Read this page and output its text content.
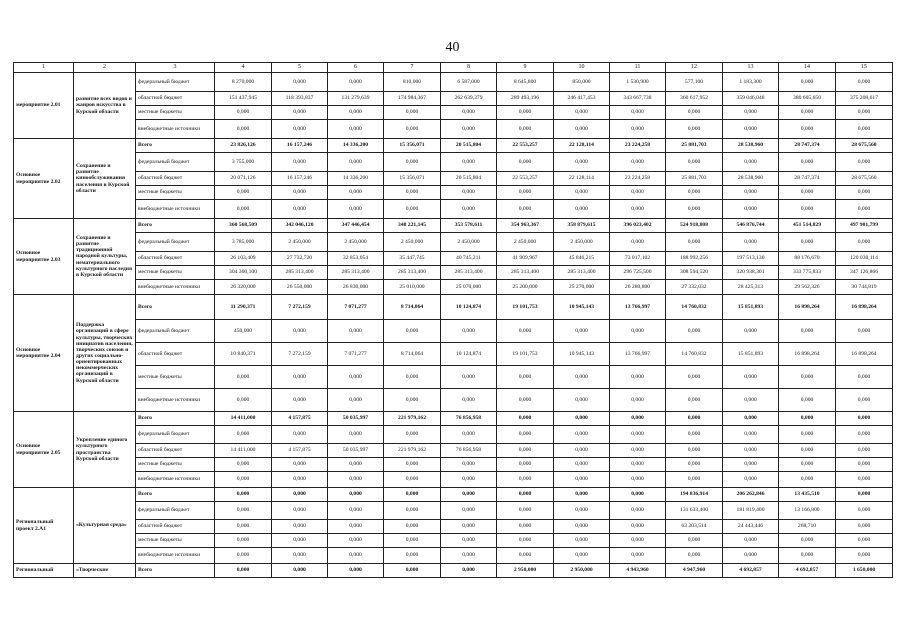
40
1	2	3	4	5	6	7	8	9	10	11	12	13	14	15
мероприятие 2.01	развитие всех видов и жанров искусства в Курской области	федеральный бюджет	8 270,000	0,000	0,000	810,000	6 587,000	8 645,800	850,000	1 530,900	577,100	1 183,300	0,000	0,000
		областной бюджет	151 437,945	118 393,837	131 279,639	174 984,367	262 639,379	289 493,196	246 417,453	343 667,738	360 617,952	359 046,048	380 605,650	375 208,617
		местные бюджеты	0,000	0,000	0,000	0,000	0,000	0,000	0,000	0,000	0,000	0,000	0,000	0,000
		внебюджетные источники	0,000	0,000	0,000	0,000	0,000	0,000	0,000	0,000	0,000	0,000	0,000	0,000
Основное мероприятие 2.02	Сохранение и развитие кинообслуживания населения в Курской области	Всего	23 826,126	16 157,246	14 336,200	15 356,071	20 515,804	22 553,257	22 128,114	23 224,258	25 881,703	28 538,960	28 747,374	28 675,560
		федеральный бюджет	3 755,000	0,000	0,000	0,000	0,000	0,000	0,000	0,000	0,000	0,000	0,000	0,000
		областной бюджет	20 071,126	16 157,246	14 336,200	15 356,071	20 515,804	22 553,257	22 128,114	23 224,258	25 881,703	28 538,960	28 747,374	28 675,560
		местные бюджеты	0,000	0,000	0,000	0,000	0,000	0,000	0,000	0,000	0,000	0,000	0,000	0,000
		внебюджетные источники	0,000	0,000	0,000	0,000	0,000	0,000	0,000	0,000	0,000	0,000	0,000	0,000
Основное мероприятие 2.03	Сохранение и развитие традиционной народной культуры, нематериального культурного наследия в Курской области	Всего	360 568,509	342 046,120	347 446,454	348 221,145	353 578,611	354 963,367	358 879,615	396 023,402	524 918,808	546 876,744	451 514,829	497 901,799
		федеральный бюджет	3 785,000	2 450,000	2 450,000	2 450,000	2 450,000	2 450,000	2 450,000	0,000	0,000	0,000	0,000	0,000
		областной бюджет	26 103,409	27 732,720	32 853,054	35 447,745	40 745,211	41 909,967	45 846,215	73 017,102	188 992,256	197 513,130	88 176,670	120 030,114
		местные бюджеты	304 360,100	285 313,400	285 313,400	285 313,400	285 313,400	285 313,400	285 313,400	296 725,500	308 594,520	320 938,301	333 775,833	347 126,866
		внебюджетные источники	26 320,000	26 550,000	26 830,000	25 010,000	25 070,000	25 200,000	25 270,000	26 280,800	27 332,032	28 425,313	29 562,326	30 744,819
Основное мероприятие 2.04	Поддержка организаций в сфере культуры, творческих инициатив населения, творческих союзов и других социально-ориентированных некоммерческих организаций в Курской области	Всего	11 290,371	7 272,159	7 071,277	8 714,064	10 124,874	19 101,753	10 945,143	13 766,997	14 760,832	15 851,893	16 898,264	16 898,264
		федеральный бюджет	450,000	0,000	0,000	0,000	0,000	0,000	0,000	0,000	0,000	0,000	0,000	0,000
		областной бюджет	10 840,371	7 272,159	7 071,277	8 714,064	10 124,874	19 101,753	10 945,143	13 766,997	14 760,832	15 851,893	16 898,264	16 898,264
		местные бюджеты	0,000	0,000	0,000	0,000	0,000	0,000	0,000	0,000	0,000	0,000	0,000	0,000
		внебюджетные источники	0,000	0,000	0,000	0,000	0,000	0,000	0,000	0,000	0,000	0,000	0,000	0,000
Основное мероприятие 2.05	Укрепление единого культурного пространства Курской области	Всего	14 411,000	4 157,875	50 035,997	221 979,162	76 856,958	0,000	0,000	0,000	0,000	0,000	0,000	0,000
		федеральный бюджет	0,000	0,000	0,000	0,000	0,000	0,000	0,000	0,000	0,000	0,000	0,000	0,000
		областной бюджет	14 411,000	4 157,875	50 035,997	221 979,162	76 856,958	0,000	0,000	0,000	0,000	0,000	0,000	0,000
		местные бюджеты	0,000	0,000	0,000	0,000	0,000	0,000	0,000	0,000	0,000	0,000	0,000	0,000
		внебюджетные источники	0,000	0,000	0,000	0,000	0,000	0,000	0,000	0,000	0,000	0,000	0,000	0,000
Региональный проект 2.А1	«Культурная среда»	Всего	0,000	0,000	0,000	0,000	0,000	0,000	0,000	0,000	194 836,914	206 262,846	13 435,510	0,000
		федеральный бюджет	0,000	0,000	0,000	0,000	0,000	0,000	0,000	0,000	131 633,400	181 819,400	13 166,800	0,000
		областной бюджет	0,000	0,000	0,000	0,000	0,000	0,000	0,000	0,000	63 203,514	24 443,446	268,710	0,000
		местные бюджеты	0,000	0,000	0,000	0,000	0,000	0,000	0,000	0,000	0,000	0,000	0,000	0,000
		внебюджетные источники	0,000	0,000	0,000	0,000	0,000	0,000	0,000	0,000	0,000	0,000	0,000	0,000
Региональный	«Творческие	Всего	0,000	0,000	0,000	0,000	0,000	2 950,000	2 950,000	4 943,960	4 947,960	4 692,857	4 692,857	1 650,000
